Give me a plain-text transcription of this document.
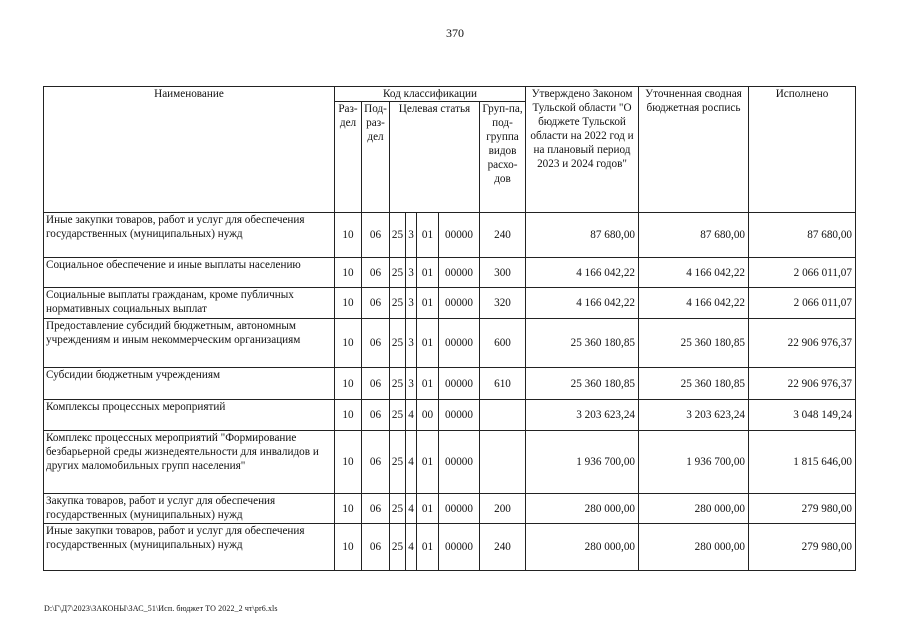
370
Наименование	Код классификации							Утверждено Законом Тульской области "О бюджете Тульской области на 2022 год и на плановый период 2023 и 2024 годов"	Уточненная сводная бюджетная роспись	Исполнено
	Раз-дел	Под-раз-дел	Целевая статья				Груп-па, под-группа видов расхо-дов			
Иные закупки товаров, работ и услуг для обеспечения государственных (муниципальных) нужд	10	06	25	3	01	00000	240	87 680,00	87 680,00	87 680,00
Социальное обеспечение и иные выплаты населению	10	06	25	3	01	00000	300	4 166 042,22	4 166 042,22	2 066 011,07
Социальные выплаты гражданам, кроме публичных нормативных социальных выплат	10	06	25	3	01	00000	320	4 166 042,22	4 166 042,22	2 066 011,07
Предоставление субсидий бюджетным, автономным учреждениям и иным некоммерческим организациям	10	06	25	3	01	00000	600	25 360 180,85	25 360 180,85	22 906 976,37
Субсидии бюджетным учреждениям	10	06	25	3	01	00000	610	25 360 180,85	25 360 180,85	22 906 976,37
Комплексы процессных мероприятий	10	06	25	4	00	00000		3 203 623,24	3 203 623,24	3 048 149,24
Комплекс процессных мероприятий "Формирование безбарьерной среды жизнедеятельности для инвалидов и других маломобильных групп населения"	10	06	25	4	01	00000		1 936 700,00	1 936 700,00	1 815 646,00
Закупка товаров, работ и услуг для обеспечения государственных (муниципальных) нужд	10	06	25	4	01	00000	200	280 000,00	280 000,00	279 980,00
Иные закупки товаров, работ и услуг для обеспечения государственных (муниципальных) нужд	10	06	25	4	01	00000	240	280 000,00	280 000,00	279 980,00
D:\Г\Д7\2023\ЗАКОНЫ\ЗАС_51\Исп. бюджет ТО 2022_2 чт\pr6.xls
